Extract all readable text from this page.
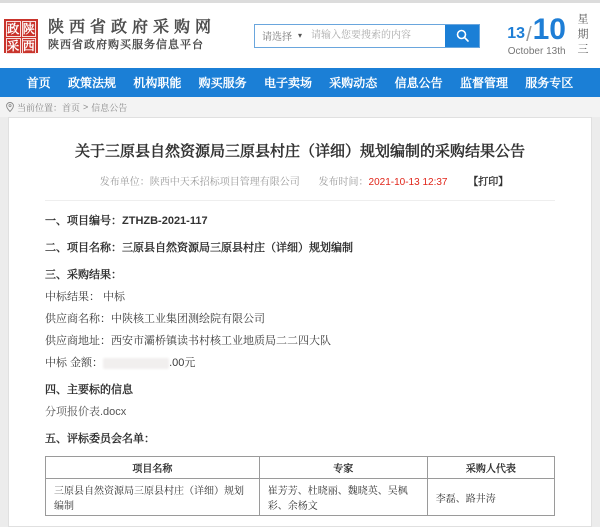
政 陕
采 西
陕西省政府采购网
陕西省政府购买服务信息平台
请选择 ▾
请输入您要搜索的内容	13 / 10
October 13th 星期三
首页 政策法规 机构职能 购买服务 电子卖场 采购动态 信息公告 监督管理 服务专区
当前位置： 首页 > 信息公告
关于三原县自然资源局三原县村庄（详细）规划编制的采购结果公告
发布单位：陕西中天禾招标项目管理有限公司 发布时间：2021-10-13 12:37 【打印】

一、项目编号：ZTHZB-2021-117

二、项目名称：三原县自然资源局三原县村庄（详细）规划编制

三、采购结果：

中标结果： 中标

供应商名称：中陕核工业集团测绘院有限公司

供应商地址：西安市灞桥镇读书村核工业地质局二二四大队

中标 金额：	.00元

四、主要标的信息

分项报价表.docx

五、评标委员会名单：

项目名称	专家	采购人代表
三原县自然资源局三原县村庄（详细）规划编制	崔芳芳、杜晓丽、魏晓英、吴枫彩、余杨文	李磊、路井涛
